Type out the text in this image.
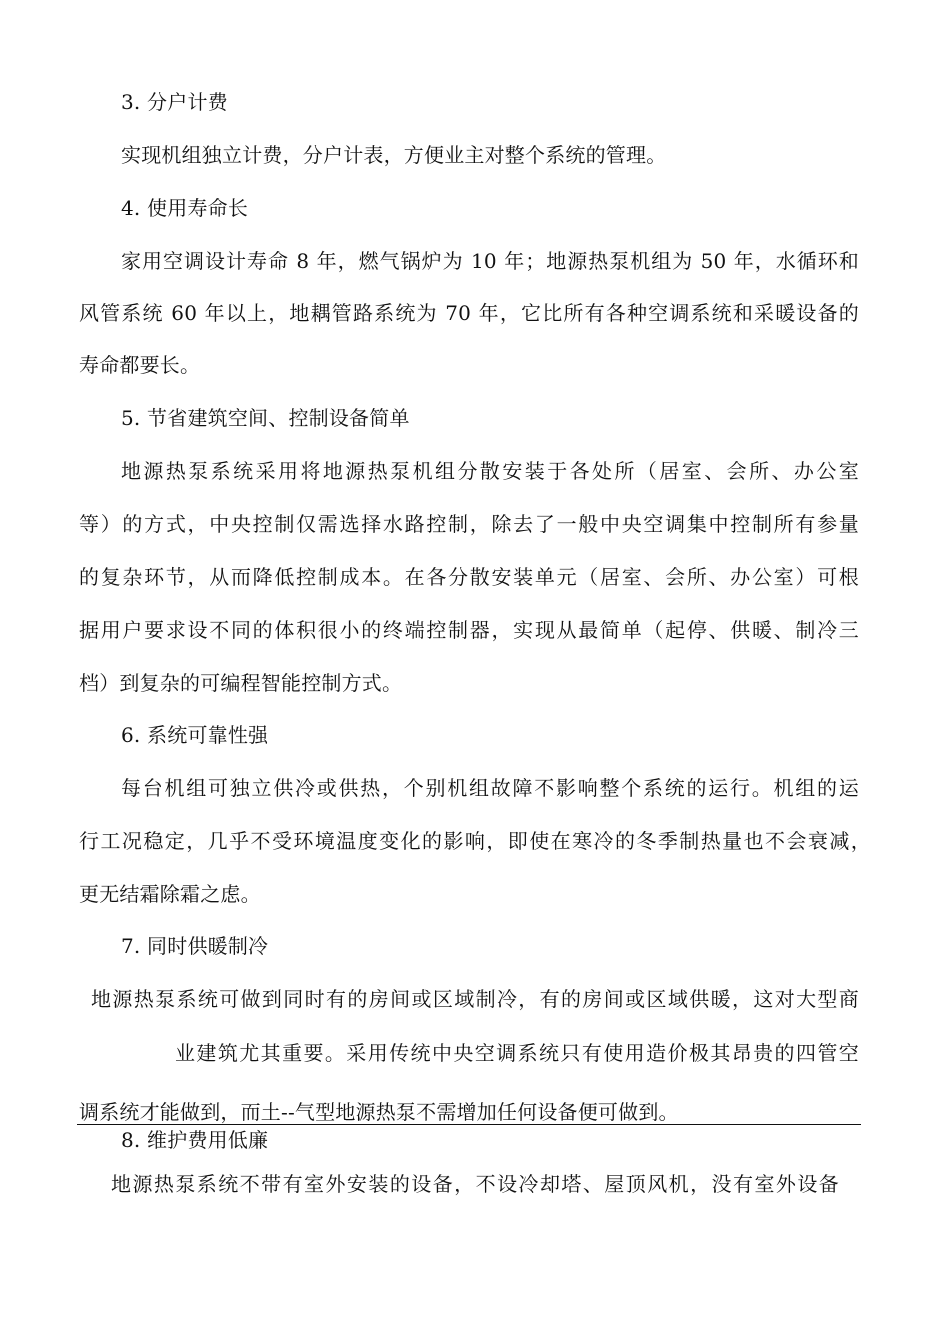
3. 分户计费
实现机组独立计费，分户计表，方便业主对整个系统的管理。
4. 使用寿命长
家用空调设计寿命 8 年，燃气锅炉为 10 年；地源热泵机组为 50 年，水循环和
风管系统 60 年以上，地耦管路系统为 70 年，它比所有各种空调系统和采暖设备的
寿命都要长。
5. 节省建筑空间、控制设备简单
地源热泵系统采用将地源热泵机组分散安装于各处所（居室、会所、办公室
等）的方式，中央控制仅需选择水路控制，除去了一般中央空调集中控制所有参量
的复杂环节，从而降低控制成本。在各分散安装单元（居室、会所、办公室）可根
据用户要求设不同的体积很小的终端控制器，实现从最简单（起停、供暖、制冷三
档）到复杂的可编程智能控制方式。
6. 系统可靠性强
每台机组可独立供冷或供热，个别机组故障不影响整个系统的运行。机组的运
行工况稳定，几乎不受环境温度变化的影响，即使在寒冷的冬季制热量也不会衰减，
更无结霜除霜之虑。
7. 同时供暖制冷
地源热泵系统可做到同时有的房间或区域制冷，有的房间或区域供暖，这对大型商
业建筑尤其重要。采用传统中央空调系统只有使用造价极其昂贵的四管空
调系统才能做到，而土--气型地源热泵不需增加任何设备便可做到。
8. 维护费用低廉
地源热泵系统不带有室外安装的设备，不设冷却塔、屋顶风机，没有室外设备
